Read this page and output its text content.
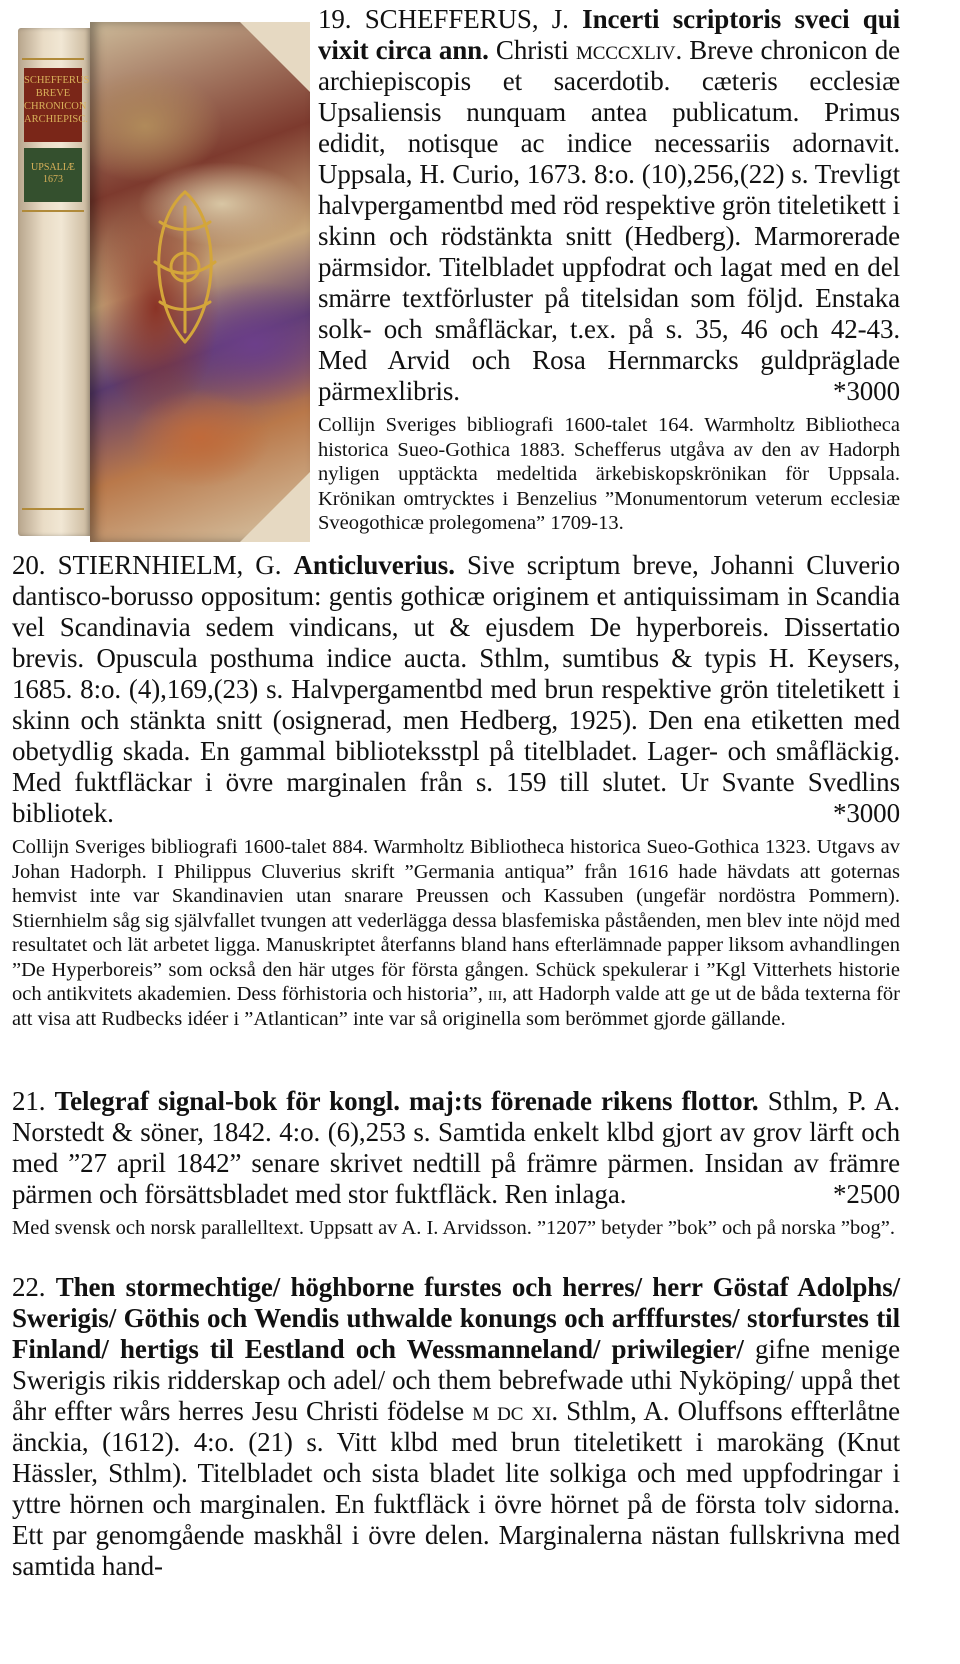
SCHEFFERUS BREVE CHRONICON ARCHIEPISC.
UPSALIÆ 1673
19. SCHEFFERUS, J. Incerti scriptoris sveci qui vixit circa ann. Christi mcccxliv. Breve chronicon de archiepiscopis et sacerdotib. cæteris ecclesiæ Upsaliensis nunquam antea publicatum. Primus edidit, notisque ac indice necessariis adornavit. Uppsala, H. Curio, 1673. 8:o. (10),256,(22) s. Trevligt halvpergamentbd med röd respektive grön titeletikett i skinn och rödstänkta snitt (Hedberg). Marmorerade pärmsidor. Titelbladet uppfodrat och lagat med en del smärre textförluster på titelsidan som följd. Enstaka solk- och småfläckar, t.ex. på s. 35, 46 och 42-43. Med Arvid och Rosa Hernmarcks guldpräglade pärmexlibris.	*3000
Collijn Sveriges bibliografi 1600-talet 164. Warmholtz Bibliotheca historica Sueo-Gothica 1883. Schefferus utgåva av den av Hadorph nyligen upptäckta medeltida ärkebiskopskrönikan för Uppsala. Krönikan omtrycktes i Benzelius ”Monumentorum veterum ecclesiæ Sveogothicæ prolegomena” 1709-13.
20. STIERNHIELM, G. Anticluverius. Sive scriptum breve, Johanni Cluverio dantisco-borusso oppositum: gentis gothicæ originem et antiquissimam in Scandia vel Scandinavia sedem vindicans, ut & ejusdem De hyperboreis. Dissertatio brevis. Opuscula posthuma indice aucta. Sthlm, sumtibus & typis H. Keysers, 1685. 8:o. (4),169,(23) s. Halvpergamentbd med brun respektive grön titeletikett i skinn och stänkta snitt (osignerad, men Hedberg, 1925). Den ena etiketten med obetydlig skada. En gammal biblioteksstpl på titelbladet. Lager- och småfläckig. Med fuktfläckar i övre marginalen från s. 159 till slutet. Ur Svante Svedlins bibliotek.	*3000
Collijn Sveriges bibliografi 1600-talet 884. Warmholtz Bibliotheca historica Sueo-Gothica 1323. Utgavs av Johan Hadorph. I Philippus Cluverius skrift ”Germania antiqua” från 1616 hade hävdats att goternas hemvist inte var Skandinavien utan snarare Preussen och Kassuben (ungefär nordöstra Pommern). Stiernhielm såg sig självfallet tvungen att vederlägga dessa blasfemiska påståenden, men blev inte nöjd med resultatet och lät arbetet ligga. Manuskriptet återfanns bland hans efterlämnade papper liksom avhandlingen ”De Hyperboreis” som också den här utges för första gången. Schück spekulerar i ”Kgl Vitterhets historie och antikvitets akademien. Dess förhistoria och historia”, iii, att Hadorph valde att ge ut de båda texterna för att visa att Rudbecks idéer i ”Atlantican” inte var så originella som berömmet gjorde gällande.
21. Telegraf signal-bok för kongl. maj:ts förenade rikens flottor. Sthlm, P. A. Norstedt & söner, 1842. 4:o. (6),253 s. Samtida enkelt klbd gjort av grov lärft och med ”27 april 1842” senare skrivet nedtill på främre pärmen. Insidan av främre pärmen och försättsbladet med stor fuktfläck. Ren inlaga.	*2500
Med svensk och norsk parallelltext. Uppsatt av A. I. Arvidsson. ”1207” betyder ”bok” och på norska ”bog”.
22. Then stormechtige/ höghborne furstes och herres/ herr Göstaf Adolphs/ Swerigis/ Göthis och Wendis uthwalde konungs och arfffurstes/ storfurstes til Finland/ hertigs til Eestland och Wessmanneland/ priwilegier/ gifne menige Swerigis rikis ridderskap och adel/ och them bebrefwade uthi Nyköping/ uppå thet åhr effter wårs herres Jesu Christi födelse m dc xi. Sthlm, A. Oluffsons effterlåtne änckia, (1612). 4:o. (21) s. Vitt klbd med brun titeletikett i marokäng (Knut Hässler, Sthlm). Titelbladet och sista bladet lite solkiga och med uppfodringar i yttre hörnen och marginalen. En fuktfläck i övre hörnet på de första tolv sidorna. Ett par genomgående maskhål i övre delen. Marginalerna nästan fullskrivna med samtida hand-
